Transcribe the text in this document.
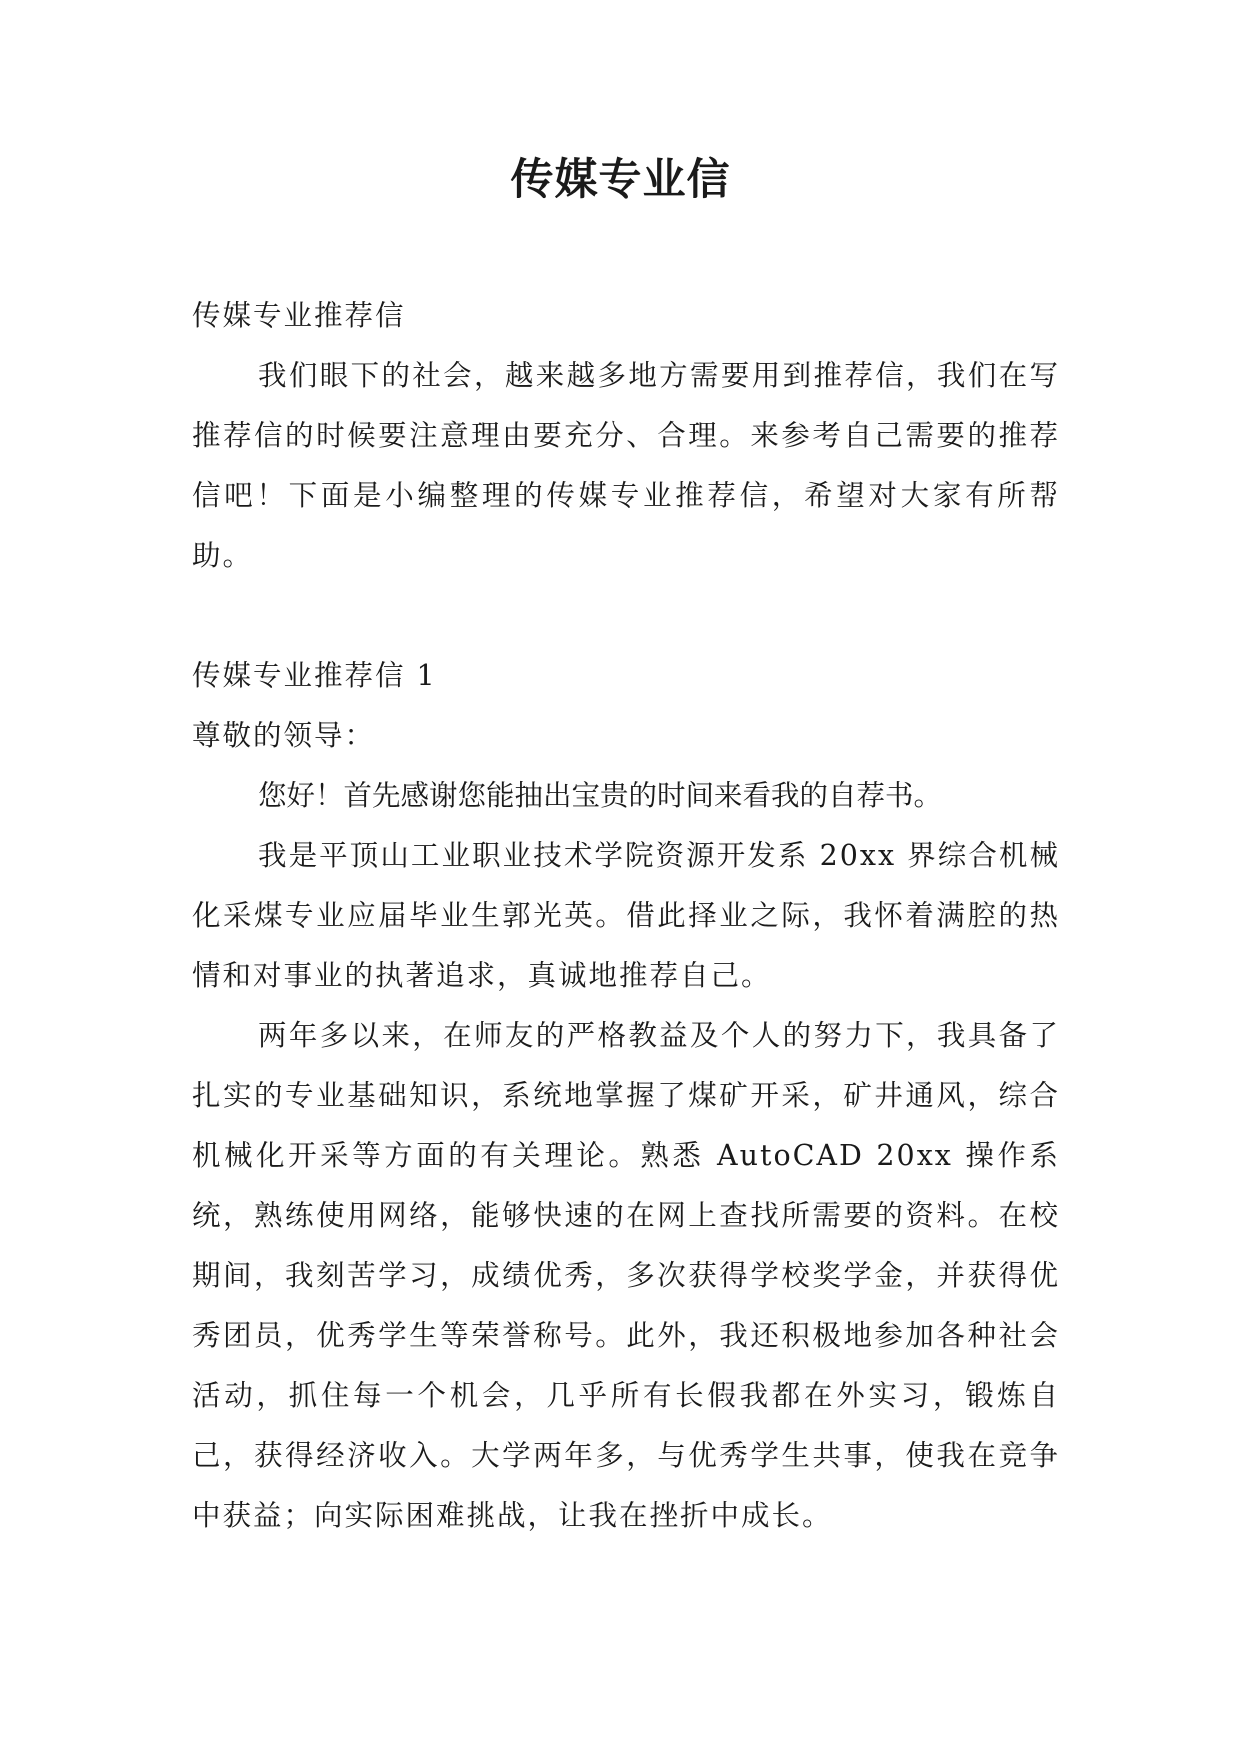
传媒专业信

传媒专业推荐信

我们眼下的社会，越来越多地方需要用到推荐信，我们在写推荐信的时候要注意理由要充分、合理。来参考自己需要的推荐信吧！下面是小编整理的传媒专业推荐信，希望对大家有所帮助。

传媒专业推荐信 1

尊敬的领导：

您好！首先感谢您能抽出宝贵的时间来看我的自荐书。

我是平顶山工业职业技术学院资源开发系 20xx 界综合机械化采煤专业应届毕业生郭光英。借此择业之际，我怀着满腔的热情和对事业的执著追求，真诚地推荐自己。

两年多以来，在师友的严格教益及个人的努力下，我具备了扎实的专业基础知识，系统地掌握了煤矿开采，矿井通风，综合机械化开采等方面的有关理论。熟悉 AutoCAD 20xx 操作系统，熟练使用网络，能够快速的在网上查找所需要的资料。在校期间，我刻苦学习，成绩优秀，多次获得学校奖学金，并获得优秀团员，优秀学生等荣誉称号。此外，我还积极地参加各种社会活动，抓住每一个机会，几乎所有长假我都在外实习，锻炼自己，获得经济收入。大学两年多，与优秀学生共事，使我在竞争中获益；向实际困难挑战，让我在挫折中成长。
